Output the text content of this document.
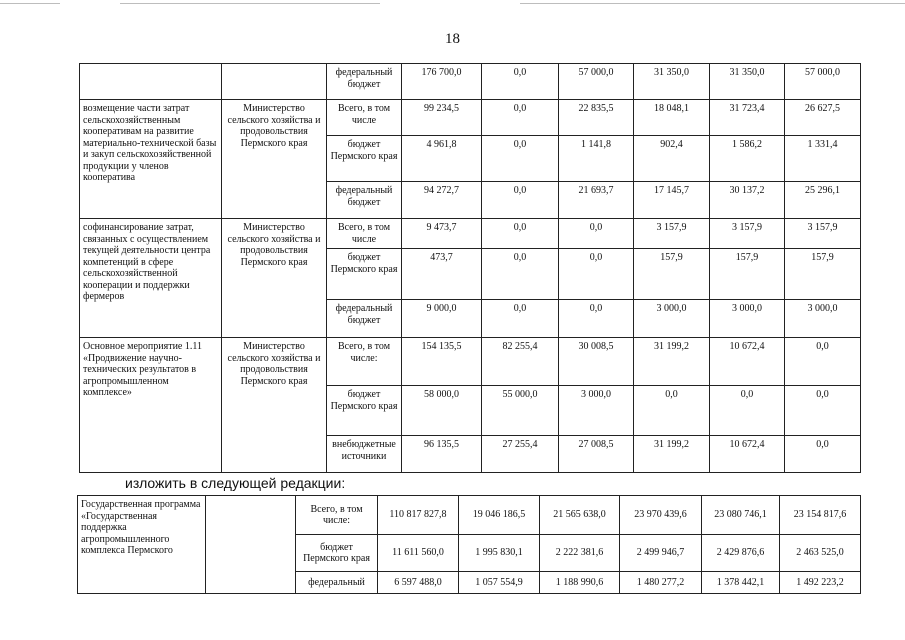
18
		федеральный бюджет	176 700,0	0,0	57 000,0	31 350,0	31 350,0	57 000,0
возмещение части затрат сельскохозяйственным кооперативам на развитие материально-технической базы и закуп сельскохозяйственной продукции у членов кооператива	Министерство сельского хозяйства и продовольствия Пермского края	Всего, в том числе	99 234,5	0,0	22 835,5	18 048,1	31 723,4	26 627,5
		бюджет Пермского края	4 961,8	0,0	1 141,8	902,4	1 586,2	1 331,4
		федеральный бюджет	94 272,7	0,0	21 693,7	17 145,7	30 137,2	25 296,1
софинансирование затрат, связанных с осуществлением текущей деятельности центра компетенций в сфере сельскохозяйственной кооперации и поддержки фермеров	Министерство сельского хозяйства и продовольствия Пермского края	Всего, в том числе	9 473,7	0,0	0,0	3 157,9	3 157,9	3 157,9
		бюджет Пермского края	473,7	0,0	0,0	157,9	157,9	157,9
		федеральный бюджет	9 000,0	0,0	0,0	3 000,0	3 000,0	3 000,0
Основное мероприятие 1.11 «Продвижение научно-технических результатов в агропромышленном комплексе»	Министерство сельского хозяйства и продовольствия Пермского края	Всего, в том числе:	154 135,5	82 255,4	30 008,5	31 199,2	10 672,4	0,0
		бюджет Пермского края	58 000,0	55 000,0	3 000,0	0,0	0,0	0,0
		внебюджетные источники	96 135,5	27 255,4	27 008,5	31 199,2	10 672,4	0,0
изложить в следующей редакции:
Государственная программа «Государственная поддержка агропромышленного комплекса Пермского		Всего, в том числе:	110 817 827,8	19 046 186,5	21 565 638,0	23 970 439,6	23 080 746,1	23 154 817,6
		бюджет Пермского края	11 611 560,0	1 995 830,1	2 222 381,6	2 499 946,7	2 429 876,6	2 463 525,0
		федеральный	6 597 488,0	1 057 554,9	1 188 990,6	1 480 277,2	1 378 442,1	1 492 223,2
